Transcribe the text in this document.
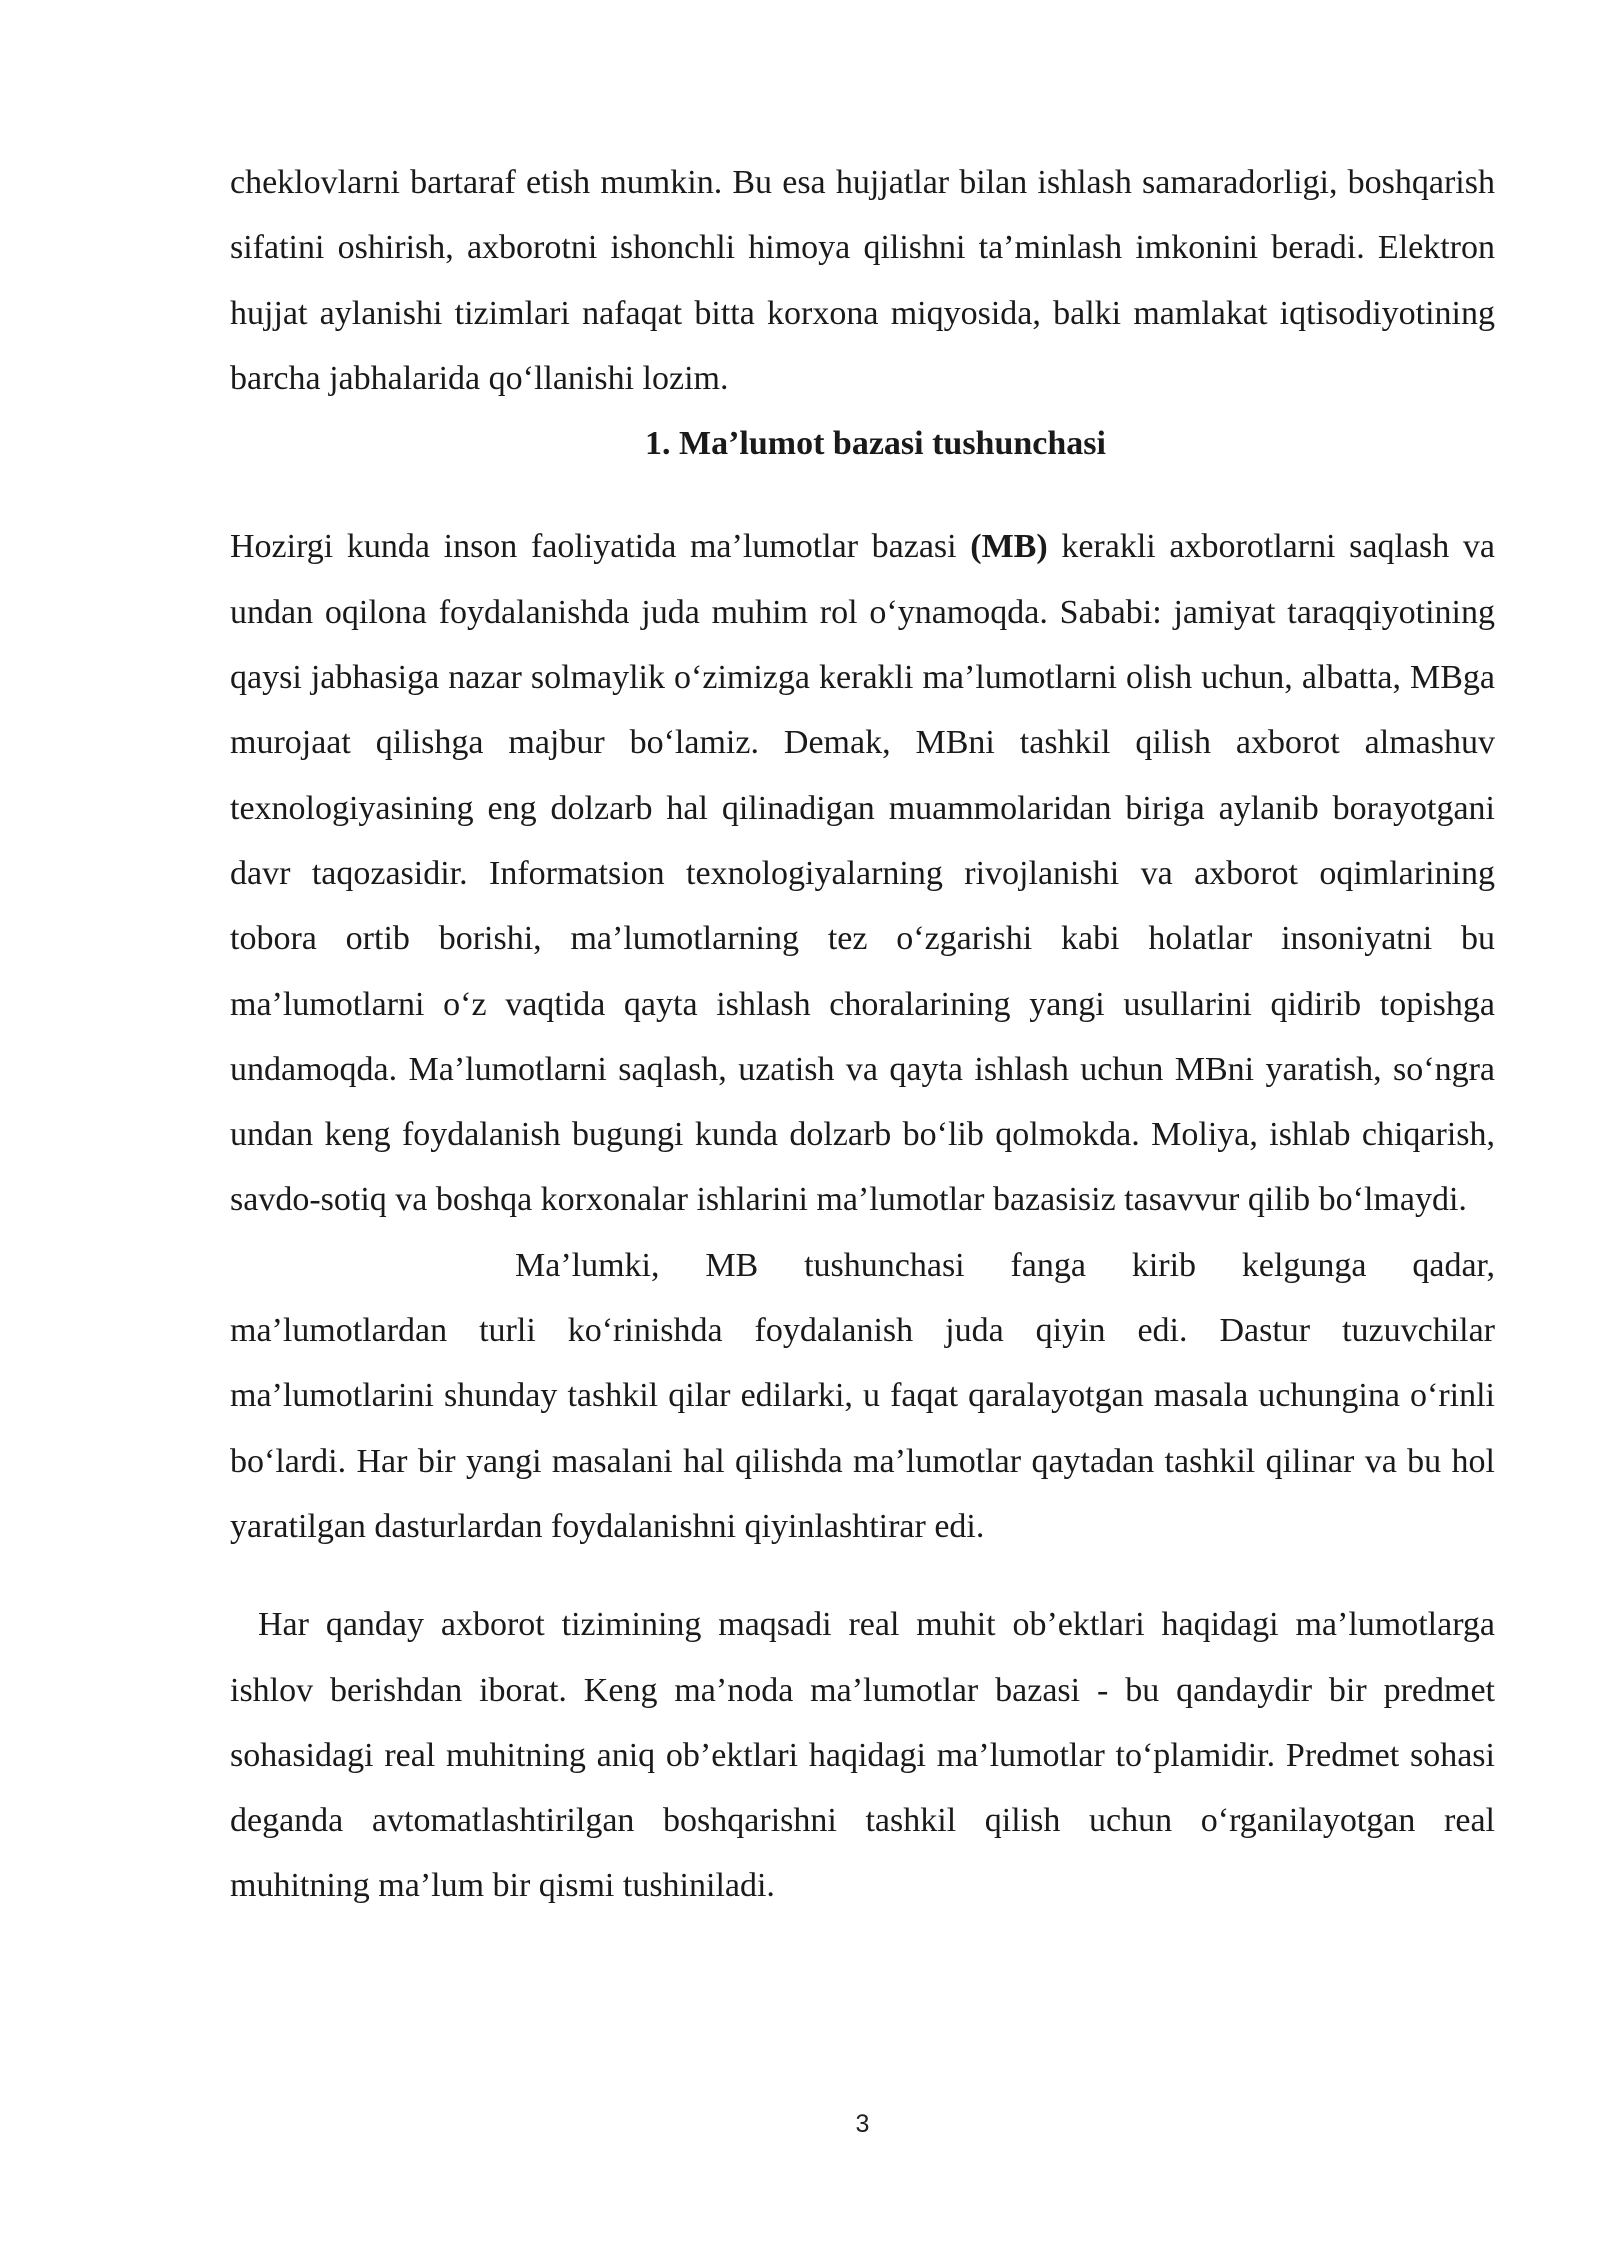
cheklovlarni bartaraf etish mumkin. Bu esa hujjatlar bilan ishlash samaradorligi, boshqarish sifatini oshirish, axborotni ishonchli himoya qilishni ta’minlash imkonini beradi. Elektron hujjat aylanishi tizimlari nafaqat bitta korxona miqyosida, balki mamlakat iqtisodiyotining barcha jabhalarida qo‘llanishi lozim.

1. Ma’lumot bazasi tushunchasi

Hozirgi kunda inson faoliyatida ma’lumotlar bazasi (MB) kerakli axborotlarni saqlash va undan oqilona foydalanishda juda muhim rol o‘ynamoqda. Sababi: jamiyat taraqqiyotining qaysi jabhasiga nazar solmaylik o‘zimizga kerakli ma’lumotlarni olish uchun, albatta, MBga murojaat qilishga majbur bo‘lamiz. Demak, MBni tashkil qilish axborot almashuv texnologiyasining eng dolzarb hal qilinadigan muammolaridan biriga aylanib borayotgani davr taqozasidir. Informatsion texnologiyalarning rivojlanishi va axborot oqimlarining tobora ortib borishi, ma’lumotlarning tez o‘zgarishi kabi holatlar insoniyatni bu ma’lumotlarni o‘z vaqtida qayta ishlash choralarining yangi usullarini qidirib topishga undamoqda. Ma’lumotlarni saqlash, uzatish va qayta ishlash uchun MBni yaratish, so‘ngra undan keng foydalanish bugungi kunda dolzarb bo‘lib qolmokda. Moliya, ishlab chiqarish, savdo-sotiq va boshqa korxonalar ishlarini ma’lumotlar bazasisiz tasavvur qilib bo‘lmaydi.

Ma’lumki, MB tushunchasi fanga kirib kelgunga qadar, ma’lumotlardan turli ko‘rinishda foydalanish juda qiyin edi. Dastur tuzuvchilar ma’lumotlarini shunday tashkil qilar edilarki, u faqat qaralayotgan masala uchungina o‘rinli bo‘lardi. Har bir yangi masalani hal qilishda ma’lumotlar qaytadan tashkil qilinar va bu hol yaratilgan dasturlardan foydalanishni qiyinlashtirar edi.

Har qanday axborot tizimining maqsadi real muhit ob’ektlari haqidagi ma’lumotlarga ishlov berishdan iborat. Keng ma’noda ma’lumotlar bazasi - bu qandaydir bir predmet sohasidagi real muhitning aniq ob’ektlari haqidagi ma’lumotlar to‘plamidir. Predmet sohasi deganda avtomatlashtirilgan boshqarishni tashkil qilish uchun o‘rganilayotgan real muhitning ma’lum bir qismi tushiniladi.

3
